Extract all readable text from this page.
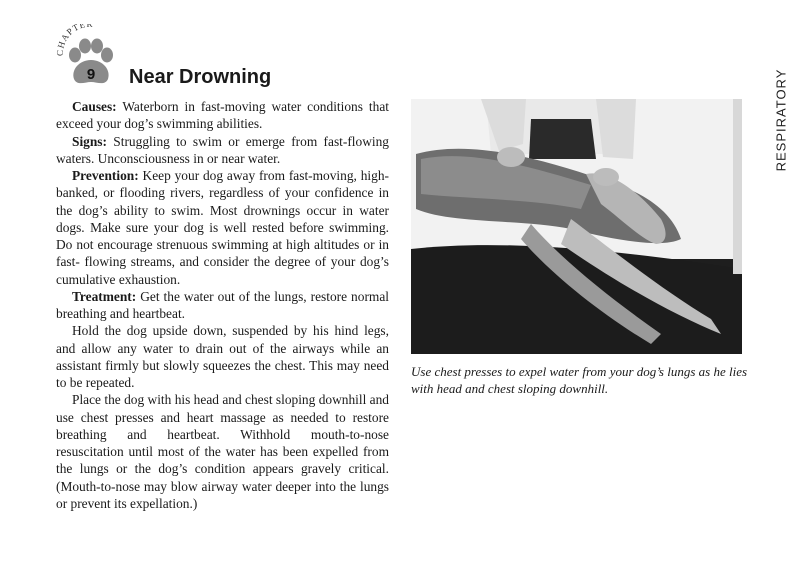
CHAPTE
9 Near Drowning	RESPIRATORY

Causes: Waterborn in fast-moving water conditions that exceed your dog’s swimming abilities.

Signs: Struggling to swim or emerge from fast-flowing waters. Unconsciousness in or near water.

Prevention: Keep your dog away from fast-moving, high-banked, or flooding rivers, regardless of your confidence in the dog’s ability to swim. Most drownings occur in water dogs. Make sure your dog is well rested before swimming. Do not encourage strenuous swimming at high altitudes or in fast- flowing streams, and consider the degree of your dog’s cumulative exhaustion.

Treatment: Get the water out of the lungs, restore normal breathing and heartbeat.

Hold the dog upside down, suspended by his hind legs, and allow any water to drain out of the airways while an assistant firmly but slowly squeezes the chest. This may need to be repeated.

Place the dog with his head and chest sloping downhill and use chest presses and heart massage as needed to restore breathing and heartbeat. Withhold mouth-to-nose resuscitation until most of the water has been expelled from the lungs or the dog’s condition appears gravely critical. (Mouth-to-nose may blow airway water deeper into the lungs or prevent its expellation.)

Use chest presses to expel water from your dog’s lungs as he lies with head and chest sloping downhill.
